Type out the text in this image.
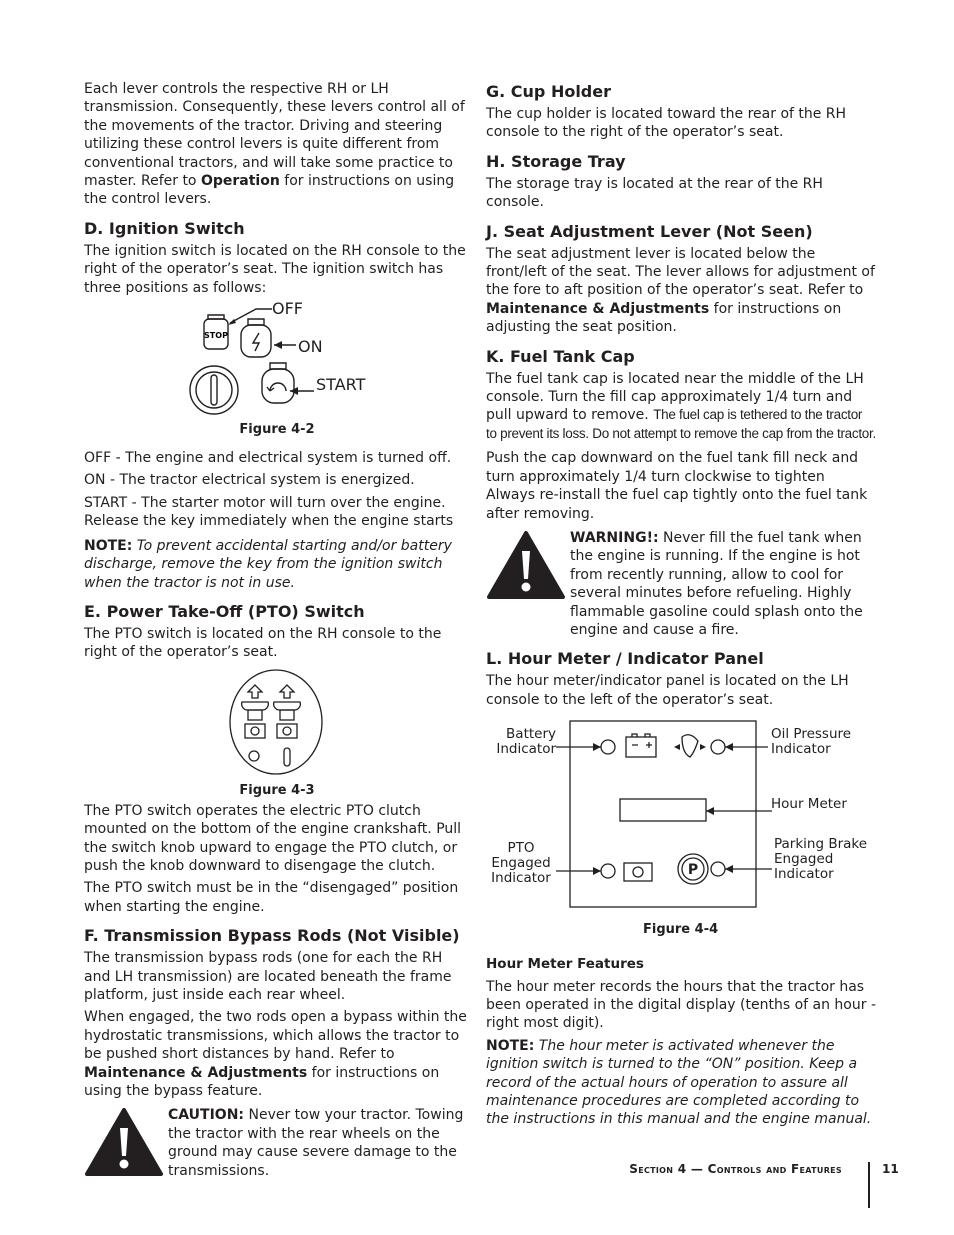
Each lever controls the respective RH or LH transmission. Consequently, these levers control all of the movements of the tractor. Driving and steering utilizing these control levers is quite different from conventional tractors, and will take some practice to master. Refer to Operation for instructions on using the control levers.

D. Ignition Switch

The ignition switch is located on the RH console to the right of the operator’s seat. The ignition switch has three positions as follows:

STOP
OFF
ON
START
Figure 4-2

OFF - The engine and electrical system is turned off.

ON - The tractor electrical system is energized.

START - The starter motor will turn over the engine. Release the key immediately when the engine starts

NOTE: To prevent accidental starting and/or battery discharge, remove the key from the ignition switch when the tractor is not in use.

E. Power Take-Off (PTO) Switch

The PTO switch is located on the RH console to the right of the operator’s seat.

Figure 4-3

The PTO switch operates the electric PTO clutch mounted on the bottom of the engine crankshaft. Pull the switch knob upward to engage the PTO clutch, or push the knob downward to disengage the clutch.

The PTO switch must be in the “disengaged” position when starting the engine.

F. Transmission Bypass Rods (Not Visible)

The transmission bypass rods (one for each the RH and LH transmission) are located beneath the frame platform, just inside each rear wheel.

When engaged, the two rods open a bypass within the hydrostatic transmissions, which allows the tractor to be pushed short distances by hand. Refer to Maintenance & Adjustments for instructions on using the bypass feature.

CAUTION: Never tow your tractor. Towing the tractor with the rear wheels on the ground may cause severe damage to the transmissions.

G. Cup Holder

The cup holder is located toward the rear of the RH console to the right of the operator’s seat.

H. Storage Tray

The storage tray is located at the rear of the RH console.

J. Seat Adjustment Lever (Not Seen)

The seat adjustment lever is located below the front/left of the seat. The lever allows for adjustment of the fore to aft position of the operator’s seat. Refer to Maintenance & Adjustments for instructions on adjusting the seat position.

K. Fuel Tank Cap

The fuel tank cap is located near the middle of the LH console. Turn the fill cap approximately 1/4 turn and pull upward to remove. The fuel cap is tethered to the tractor to prevent its loss. Do not attempt to remove the cap from the tractor.

Push the cap downward on the fuel tank fill neck and turn approximately 1/4 turn clockwise to tighten Always re-install the fuel cap tightly onto the fuel tank after removing.

WARNING!: Never fill the fuel tank when the engine is running. If the engine is hot from recently running, allow to cool for several minutes before refueling. Highly flammable gasoline could splash onto the engine and cause a fire.

L. Hour Meter / Indicator Panel

The hour meter/indicator panel is located on the LH console to the left of the operator’s seat.

P
Battery
Indicator
Oil Pressure
Indicator
Hour Meter
PTO
Engaged
Indicator
Parking Brake
Engaged
Indicator
Figure 4-4
Hour Meter Features

The hour meter records the hours that the tractor has been operated in the digital display (tenths of an hour - right most digit).

NOTE: The hour meter is activated whenever the ignition switch is turned to the “ON” position. Keep a record of the actual hours of operation to assure all maintenance procedures are completed according to the instructions in this manual and the engine manual.

Section 4 — Controls and Features	11
